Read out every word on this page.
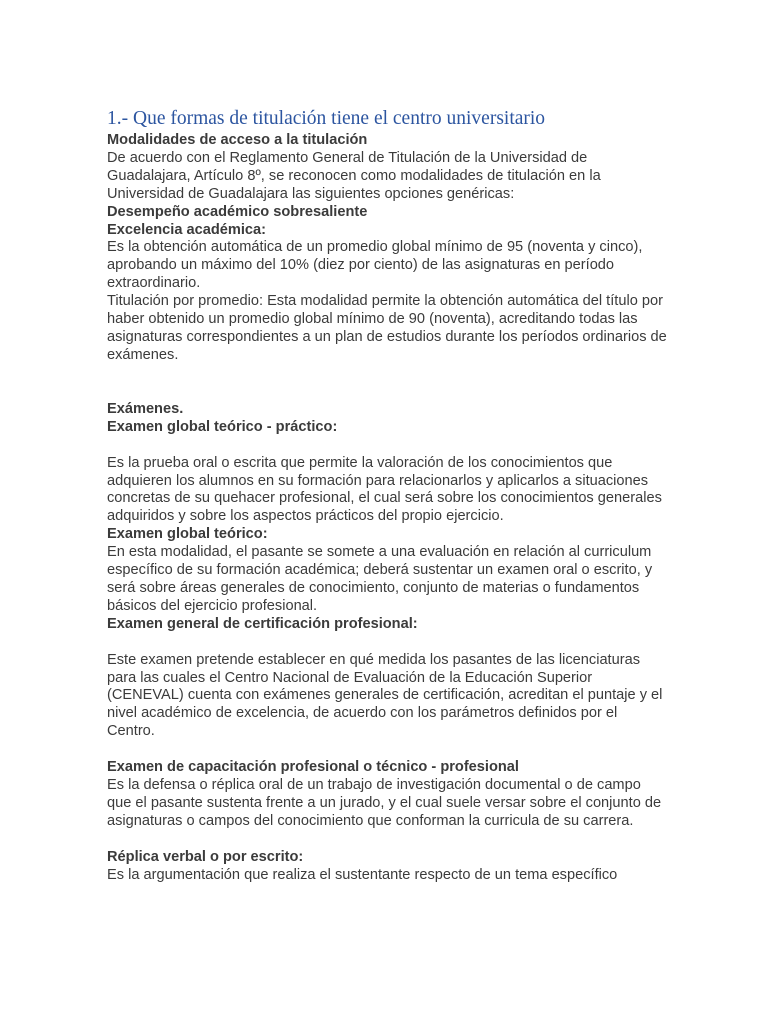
1.- Que formas de titulación tiene el centro universitario
Modalidades de acceso a la titulación
De acuerdo con el Reglamento General de Titulación de la Universidad de Guadalajara, Artículo 8º, se reconocen como modalidades de titulación en la Universidad de Guadalajara las siguientes opciones genéricas:
Desempeño académico sobresaliente
Excelencia académica:
Es la obtención automática de un promedio global mínimo de 95 (noventa y cinco), aprobando un máximo del 10% (diez por ciento) de las asignaturas en período extraordinario.
Titulación por promedio: Esta modalidad permite la obtención automática del título por haber obtenido un promedio global mínimo de 90 (noventa), acreditando todas las asignaturas correspondientes a un plan de estudios durante los períodos ordinarios de exámenes.
Exámenes.
Examen global teórico - práctico:
Es la prueba oral o escrita que permite la valoración de los conocimientos que adquieren los alumnos en su formación para relacionarlos y aplicarlos a situaciones concretas de su quehacer profesional, el cual será sobre los conocimientos generales adquiridos y sobre los aspectos prácticos del propio ejercicio.
Examen global teórico:
En esta modalidad, el pasante se somete a una evaluación en relación al curriculum específico de su formación académica; deberá sustentar un examen oral o escrito, y será sobre áreas generales de conocimiento, conjunto de materias o fundamentos básicos del ejercicio profesional.
Examen general de certificación profesional:
Este examen pretende establecer en qué medida los pasantes de las licenciaturas para las cuales el Centro Nacional de Evaluación de la Educación Superior (CENEVAL) cuenta con exámenes generales de certificación, acreditan el puntaje y el nivel académico de excelencia, de acuerdo con los parámetros definidos por el Centro.
Examen de capacitación profesional o técnico - profesional
Es la defensa o réplica oral de un trabajo de investigación documental o de campo que el pasante sustenta frente a un jurado, y el cual suele versar sobre el conjunto de asignaturas o campos del conocimiento que conforman la curricula de su carrera.
Réplica verbal o por escrito:
Es la argumentación que realiza el sustentante respecto de un tema específico
